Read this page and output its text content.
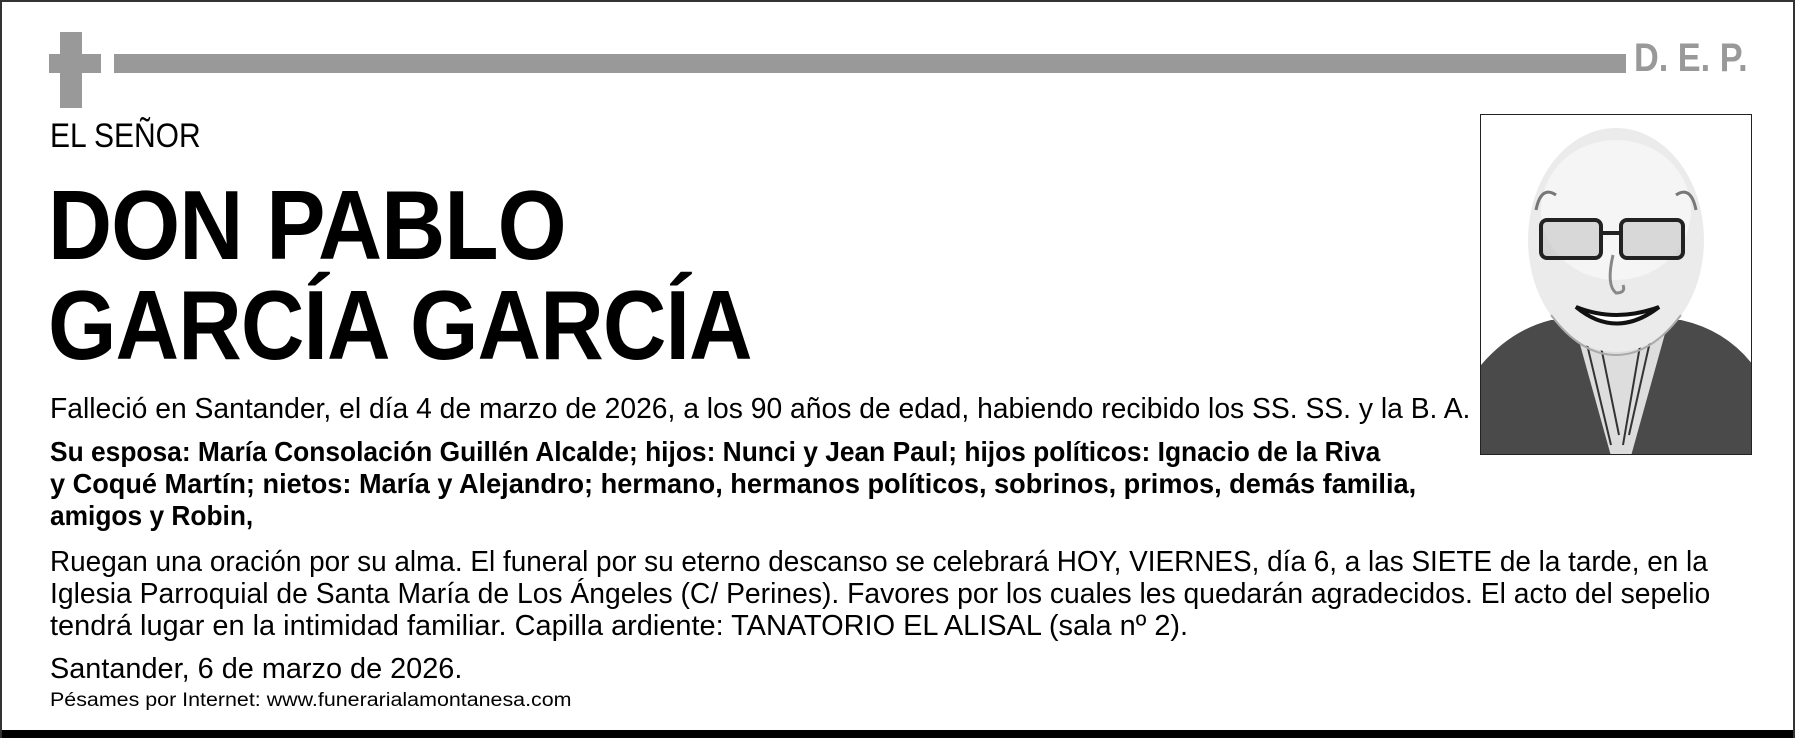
D. E. P.
EL SEÑOR
DON PABLO
GARCÍA GARCÍA
Falleció en Santander, el día 4 de marzo de 2026, a los 90 años de edad, habiendo recibido los SS. SS. y la B. A.
Su esposa: María Consolación Guillén Alcalde; hijos: Nunci y Jean Paul; hijos políticos: Ignacio de la Riva
y Coqué Martín; nietos: María y Alejandro; hermano, hermanos políticos, sobrinos, primos, demás familia,
amigos y Robin,
Ruegan una oración por su alma. El funeral por su eterno descanso se celebrará HOY, VIERNES, día 6, a las SIETE de la tarde, en la
Iglesia Parroquial de Santa María de Los Ángeles (C/ Perines). Favores por los cuales les quedarán agradecidos. El acto del sepelio
tendrá lugar en la intimidad familiar. Capilla ardiente: TANATORIO EL ALISAL (sala nº 2).
Santander, 6 de marzo de 2026.
Pésames por Internet: www.funerarialamontanesa.com
